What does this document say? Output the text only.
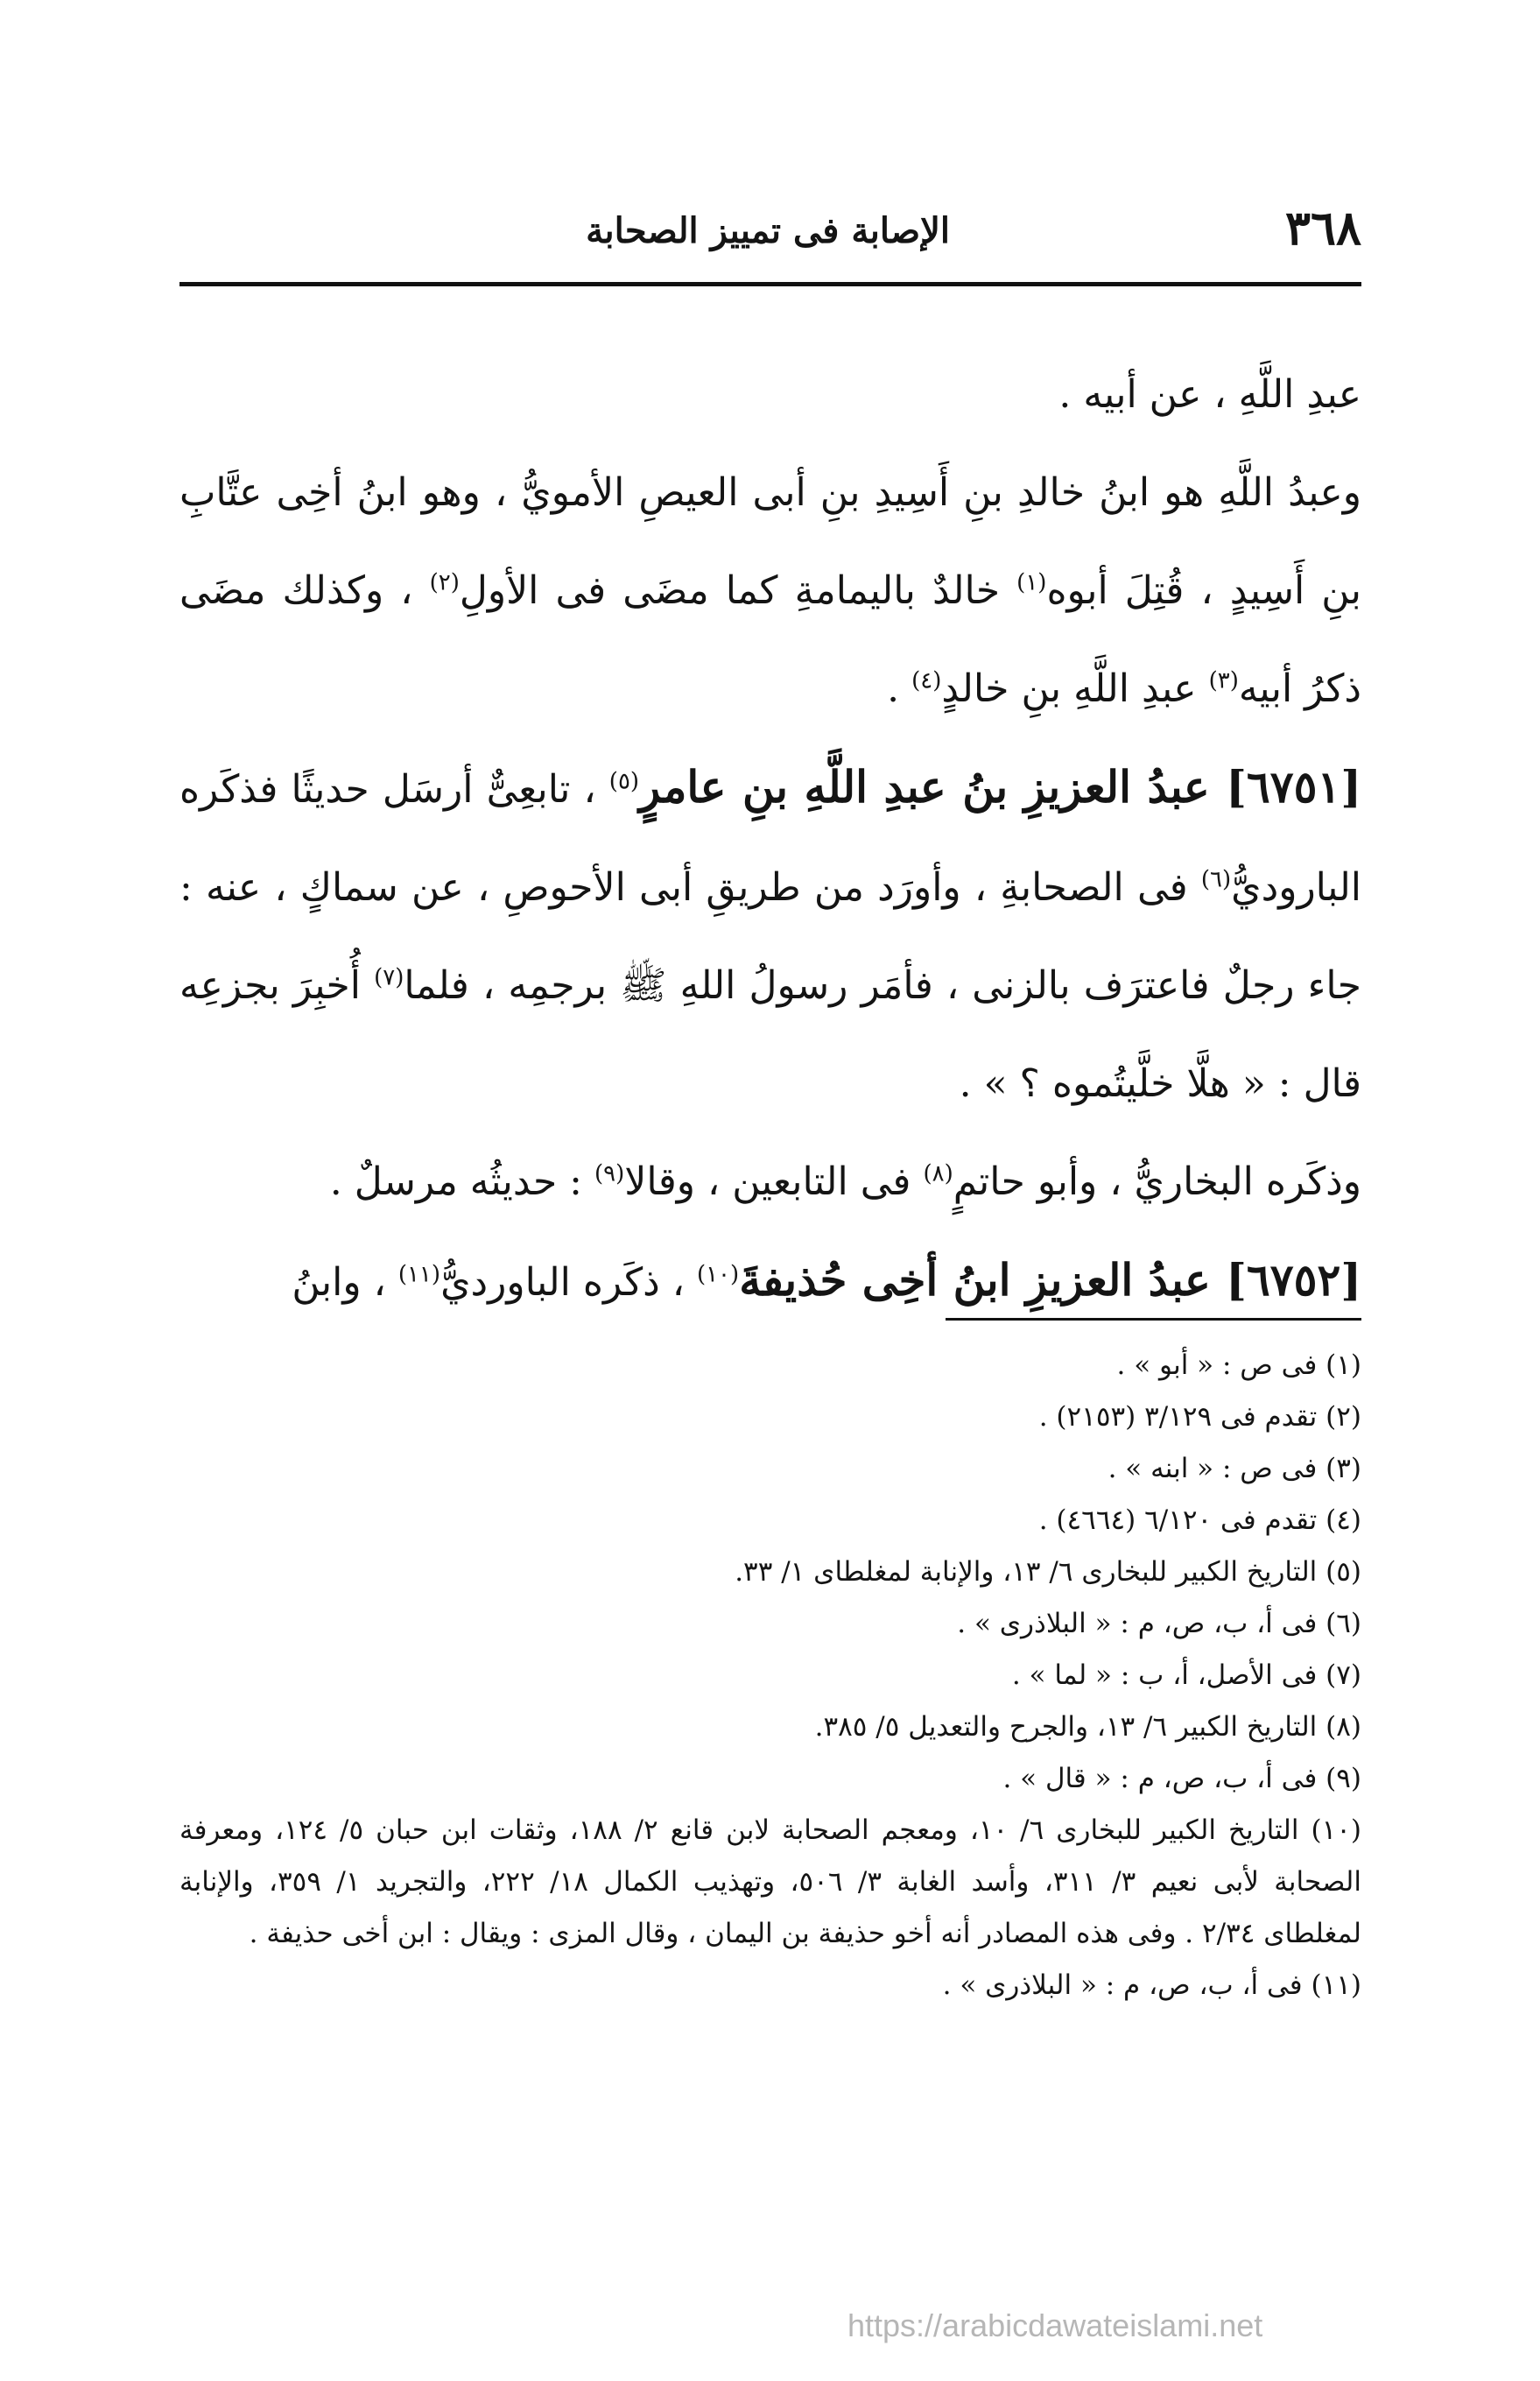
٣٦٨
الإصابة فى تمييز الصحابة

عبدِ اللَّهِ ، عن أبيه .

وعبدُ اللَّهِ هو ابنُ خالدِ بنِ أَسِيدِ بنِ أبى العيصِ الأمويُّ ، وهو ابنُ أخِى عتَّابِ بنِ أَسِيدٍ ، قُتِلَ أبوه$^{(١)}$ خالدٌ باليمامةِ كما مضَى فى الأولِ$^{(٢)}$ ، وكذلك مضَى ذكرُ أبيه$^{(٣)}$ عبدِ اللَّهِ بنِ خالدٍ$^{(٤)}$ .

[٦٧٥١] عبدُ العزيزِ بنُ عبدِ اللَّهِ بنِ عامرٍ$^{(٥)}$ ، تابعِىٌّ أرسَل حديثًا فذكَره الباروديُّ$^{(٦)}$ فى الصحابةِ ، وأورَد من طريقِ أبى الأحوصِ ، عن سماكٍ ، عنه : جاء رجلٌ فاعترَف بالزنى ، فأمَر رسولُ اللهِ ﷺ برجمِه ، فلما$^{(٧)}$ أُخبِرَ بجزعِه قال : « هلَّا خلَّيتُموه ؟ » .

وذكَره البخاريُّ ، وأبو حاتمٍ$^{(٨)}$ فى التابعين ، وقالا$^{(٩)}$ : حديثُه مرسلٌ .

[٦٧٥٢] عبدُ العزيزِ ابنُ أخِى حُذيفةَ$^{(١٠)}$ ، ذكَره الباورديُّ$^{(١١)}$ ، وابنُ

(١) فى ص : « أبو » .

(٢) تقدم فى ٣/١٢٩ (٢١٥٣) .

(٣) فى ص : « ابنه » .

(٤) تقدم فى ٦/١٢٠ (٤٦٦٤) .

(٥) التاريخ الكبير للبخارى ٦/ ١٣، والإنابة لمغلطاى ١/ ٣٣.

(٦) فى أ، ب، ص، م : « البلاذرى » .

(٧) فى الأصل، أ، ب : « لما » .

(٨) التاريخ الكبير ٦/ ١٣، والجرح والتعديل ٥/ ٣٨٥.

(٩) فى أ، ب، ص، م : « قال » .

(١٠) التاريخ الكبير للبخارى ٦/ ١٠، ومعجم الصحابة لابن قانع ٢/ ١٨٨، وثقات ابن حبان ٥/ ١٢٤، ومعرفة الصحابة لأبى نعيم ٣/ ٣١١، وأسد الغابة ٣/ ٥٠٦، وتهذيب الكمال ١٨/ ٢٢٢، والتجريد ١/ ٣٥٩، والإنابة لمغلطاى ٢/٣٤ . وفى هذه المصادر أنه أخو حذيفة بن اليمان ، وقال المزى : ويقال : ابن أخى حذيفة .

(١١) فى أ، ب، ص، م : « البلاذرى » .

https://arabicdawateislami.net
